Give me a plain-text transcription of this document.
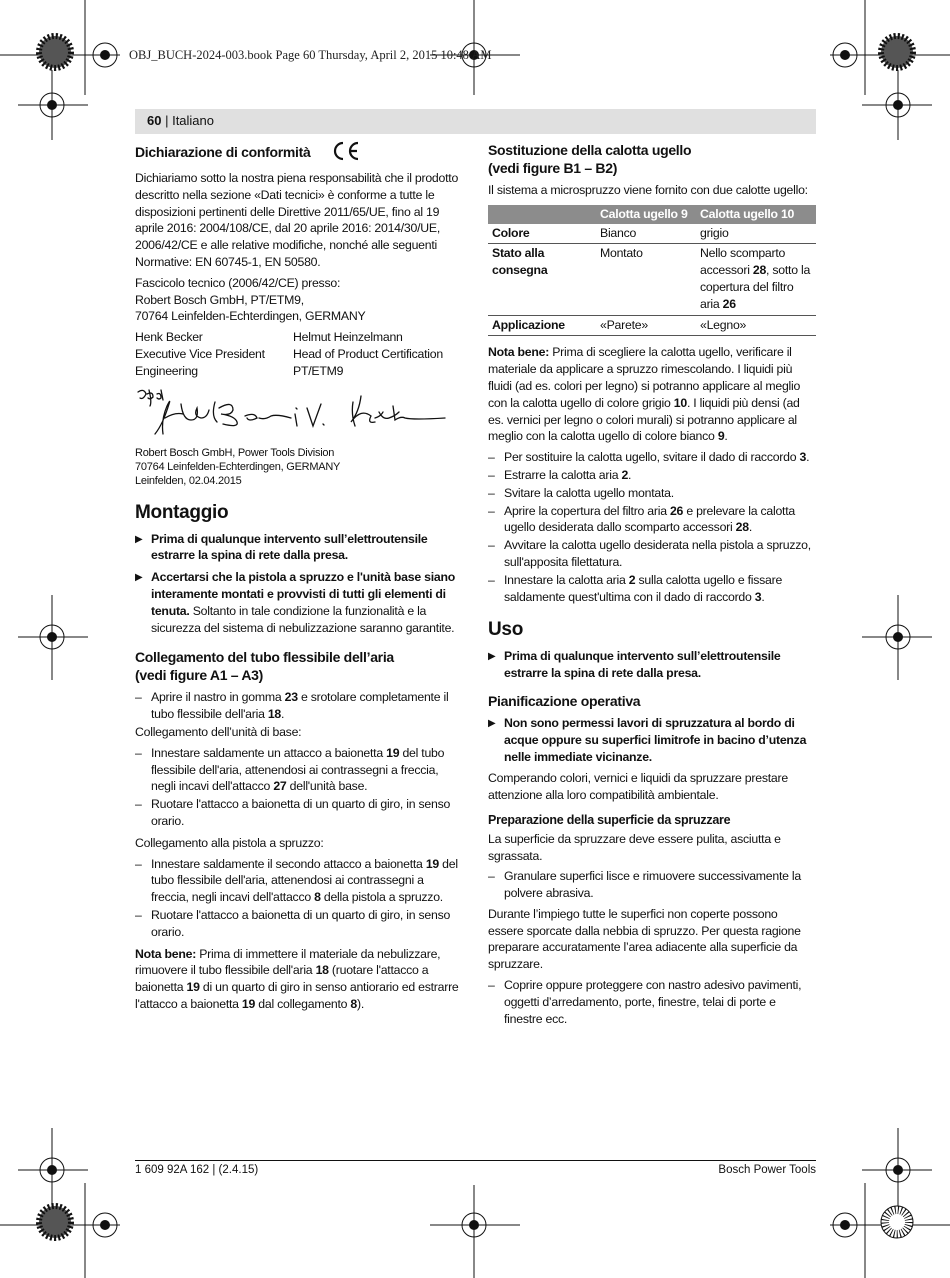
OBJ_BUCH-2024-003.book Page 60 Thursday, April 2, 2015 10:48 AM
60 | Italiano
Dichiarazione di conformità

Dichiariamo sotto la nostra piena responsabilità che il prodotto descritto nella sezione «Dati tecnici» è conforme a tutte le disposizioni pertinenti delle Direttive 2011/65/UE, fino al 19 aprile 2016: 2004/108/CE, dal 20 aprile 2016: 2014/30/UE, 2006/42/CE e alle relative modifiche, nonché alle seguenti Normative: EN 60745-1, EN 50580.

Fascicolo tecnico (2006/42/CE) presso:
Robert Bosch GmbH, PT/ETM9,
70764 Leinfelden-Echterdingen, GERMANY

Henk Becker
Executive Vice President
Engineering
Helmut Heinzelmann
Head of Product Certification
PT/ETM9

Robert Bosch GmbH, Power Tools Division

70764 Leinfelden-Echterdingen, GERMANY

Leinfelden, 02.04.2015

Montaggio
▶ Prima di qualunque intervento sull’elettroutensile estrarre la spina di rete dalla presa.
▶ Accertarsi che la pistola a spruzzo e l'unità base siano interamente montati e provvisti di tutti gli elementi di tenuta. Soltanto in tale condizione la funzionalità e la sicurezza del sistema di nebulizzazione saranno garantite.
Collegamento del tubo flessibile dell’aria
(vedi figure A1 – A3)
– Aprire il nastro in gomma 23 e srotolare completamente il tubo flessibile dell'aria 18.

Collegamento dell’unità di base:

– Innestare saldamente un attacco a baionetta 19 del tubo flessibile dell'aria, attenendosi ai contrassegni a freccia, negli incavi dell'attacco 27 dell'unità base.
– Ruotare l'attacco a baionetta di un quarto di giro, in senso orario.

Collegamento alla pistola a spruzzo:

– Innestare saldamente il secondo attacco a baionetta 19 del tubo flessibile dell'aria, attenendosi ai contrassegni a freccia, negli incavi dell'attacco 8 della pistola a spruzzo.
– Ruotare l'attacco a baionetta di un quarto di giro, in senso orario.

Nota bene: Prima di immettere il materiale da nebulizzare, rimuovere il tubo flessibile dell'aria 18 (ruotare l'attacco a baionetta 19 di un quarto di giro in senso antiorario ed estrarre l'attacco a baionetta 19 dal collegamento 8).

Sostituzione della calotta ugello
(vedi figure B1 – B2)

Il sistema a microspruzzo viene fornito con due calotte ugello:

	Calotta ugello 9	Calotta ugello 10
Colore	Bianco	grigio
Stato alla consegna	Montato	Nello scomparto accessori 28, sotto la copertura del filtro aria 26
Applicazione	«Parete»	«Legno»

Nota bene: Prima di scegliere la calotta ugello, verificare il materiale da applicare a spruzzo rimescolando. I liquidi più fluidi (ad es. colori per legno) si potranno applicare al meglio con la calotta ugello di colore grigio 10. I liquidi più densi (ad es. vernici per legno o colori murali) si potranno applicare al meglio con la calotta ugello di colore bianco 9.

– Per sostituire la calotta ugello, svitare il dado di raccordo 3.
– Estrarre la calotta aria 2.
– Svitare la calotta ugello montata.
– Aprire la copertura del filtro aria 26 e prelevare la calotta ugello desiderata dallo scomparto accessori 28.
– Avvitare la calotta ugello desiderata nella pistola a spruzzo, sull'apposita filettatura.
– Innestare la calotta aria 2 sulla calotta ugello e fissare saldamente quest'ultima con il dado di raccordo 3.
Uso
▶ Prima di qualunque intervento sull’elettroutensile estrarre la spina di rete dalla presa.
Pianificazione operativa
▶ Non sono permessi lavori di spruzzatura al bordo di acque oppure su superfici limitrofe in bacino d’utenza nelle immediate vicinanze.

Comperando colori, vernici e liquidi da spruzzare prestare attenzione alla loro compatibilità ambientale.

Preparazione della superficie da spruzzare

La superficie da spruzzare deve essere pulita, asciutta e sgrassata.

– Granulare superfici lisce e rimuovere successivamente la polvere abrasiva.

Durante l’impiego tutte le superfici non coperte possono essere sporcate dalla nebbia di spruzzo. Per questa ragione preparare accuratamente l’area adiacente alla superficie da spruzzare.

– Coprire oppure proteggere con nastro adesivo pavimenti, oggetti d’arredamento, porte, finestre, telai di porte e finestre ecc.
1 609 92A 162 | (2.4.15)	Bosch Power Tools
